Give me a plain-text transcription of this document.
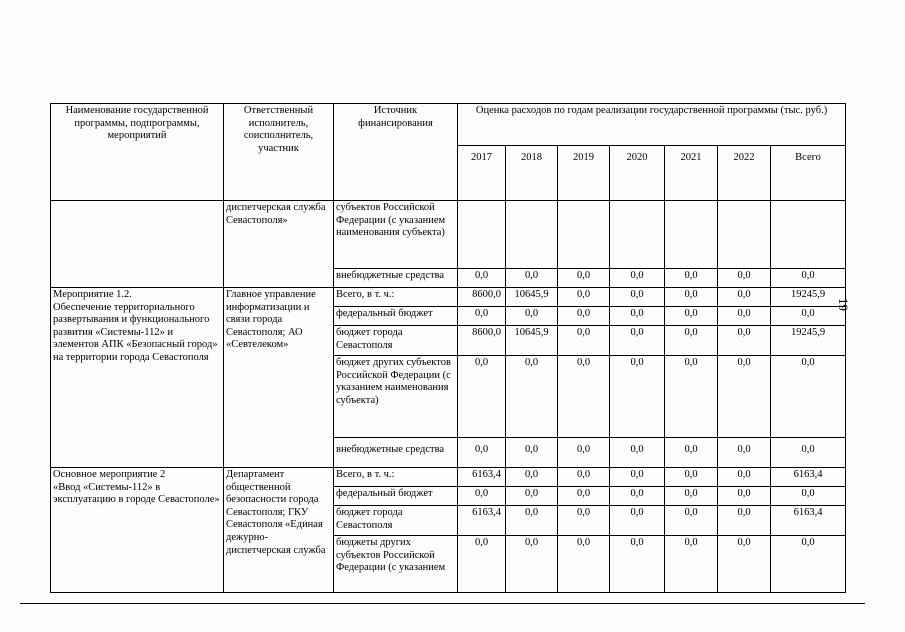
Наименование государственной программы, подпрограммы, мероприятий	Ответственный исполнитель, соисполнитель, участник	Источник финансирования	Оценка расходов по годам реализации государственной программы (тыс. руб.)						
			2017	2018	2019	2020	2021	2022	Всего
	диспетчерская служба Севастополя»	субъектов Российской Федерации (с указанием наименования субъекта)							
		внебюджетные средства	0,0	0,0	0,0	0,0	0,0	0,0	0,0

Мероприятие 1.2.
Обеспечение территориального развертывания и функционального развития «Системы-112» и элементов АПК «Безопасный город» на территории города Севастополя	Главное управление информатизации и связи города Севастополя; АО «Севтелеком»	Всего, в т. ч.:	8600,0	10645,9	0,0	0,0	0,0	0,0	19245,9
		федеральный бюджет	0,0	0,0	0,0	0,0	0,0	0,0	0,0
		бюджет города Севастополя	8600,0	10645,9	0,0	0,0	0,0	0,0	19245,9
		бюджет других субъектов Российской Федерации (с указанием наименования субъекта)	0,0	0,0	0,0	0,0	0,0	0,0	0,0
		внебюджетные средства	0,0	0,0	0,0	0,0	0,0	0,0	0,0

Основное мероприятие 2
«Ввод «Системы-112» в эксплуатацию в городе Севастополе»	Департамент общественной безопасности города Севастополя; ГКУ Севастополя «Единая дежурно-диспетчерская служба	Всего, в т. ч.:	6163,4	0,0	0,0	0,0	0,0	0,0	6163,4
		федеральный бюджет	0,0	0,0	0,0	0,0	0,0	0,0	0,0
		бюджет города Севастополя	6163,4	0,0	0,0	0,0	0,0	0,0	6163,4
		бюджеты других субъектов Российской Федерации (с указанием	0,0	0,0	0,0	0,0	0,0	0,0	0,0
19
